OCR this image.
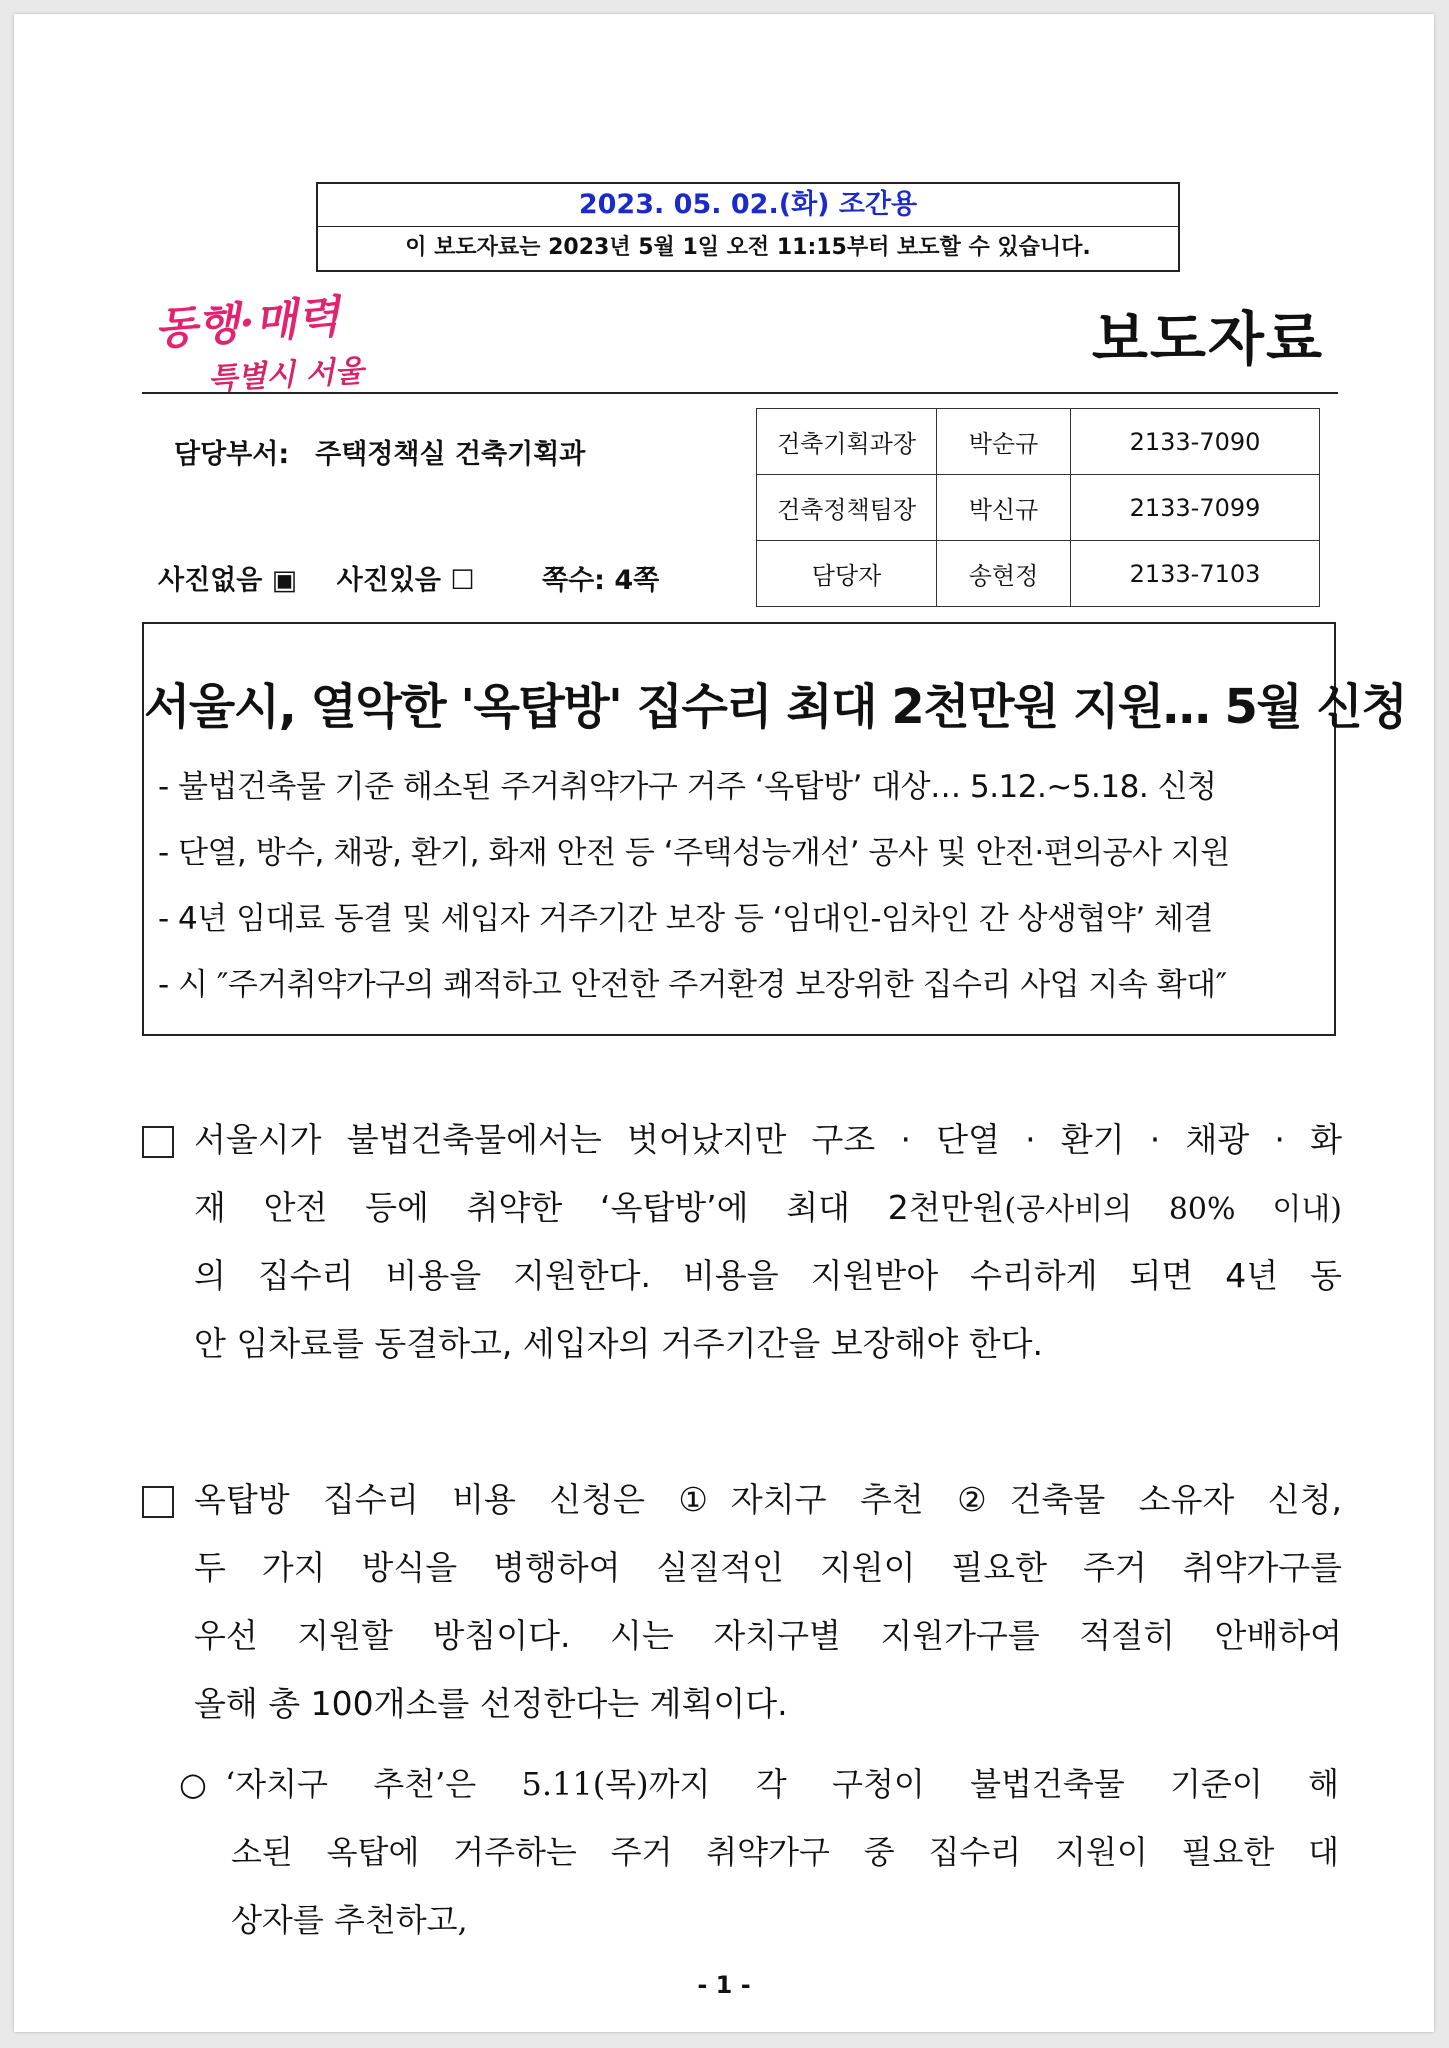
2023. 05. 02.(화) 조간용
이 보도자료는 2023년 5월 1일 오전 11:15부터 보도할 수 있습니다.
동행·매력
특별시 서울
보도자료
담당부서: 주택정책실 건축기획과
사진없음 ▣ 사진있음 ☐ 쪽수: 4쪽
건축기획과장	박순규	2133-7090
건축정책팀장	박신규	2133-7099
담당자	송현정	2133-7103
서울시, 열악한 '옥탑방' 집수리 최대 2천만원 지원… 5월 신청
- 불법건축물 기준 해소된 주거취약가구 거주 ‘옥탑방’ 대상… 5.12.~5.18. 신청
- 단열, 방수, 채광, 환기, 화재 안전 등 ‘주택성능개선’ 공사 및 안전·편의공사 지원
- 4년 임대료 동결 및 세입자 거주기간 보장 등 ‘임대인-임차인 간 상생협약’ 체결
- 시 ″주거취약가구의 쾌적하고 안전한 주거환경 보장위한 집수리 사업 지속 확대″
서울시가 불법건축물에서는 벗어났지만 구조 · 단열 · 환기 · 채광 · 화
재 안전 등에 취약한 ‘옥탑방’에 최대 2천만원(공사비의 80% 이내)
의 집수리 비용을 지원한다. 비용을 지원받아 수리하게 되면 4년 동
안 임차료를 동결하고, 세입자의 거주기간을 보장해야 한다.
옥탑방 집수리 비용 신청은 ①자치구 추천 ②건축물 소유자 신청,
두 가지 방식을 병행하여 실질적인 지원이 필요한 주거 취약가구를
우선 지원할 방침이다. 시는 자치구별 지원가구를 적절히 안배하여
올해 총 100개소를 선정한다는 계획이다.
○ ‘자치구 추천’은 5.11(목)까지 각 구청이 불법건축물 기준이 해
소된 옥탑에 거주하는 주거 취약가구 중 집수리 지원이 필요한 대
상자를 추천하고,
- 1 -
